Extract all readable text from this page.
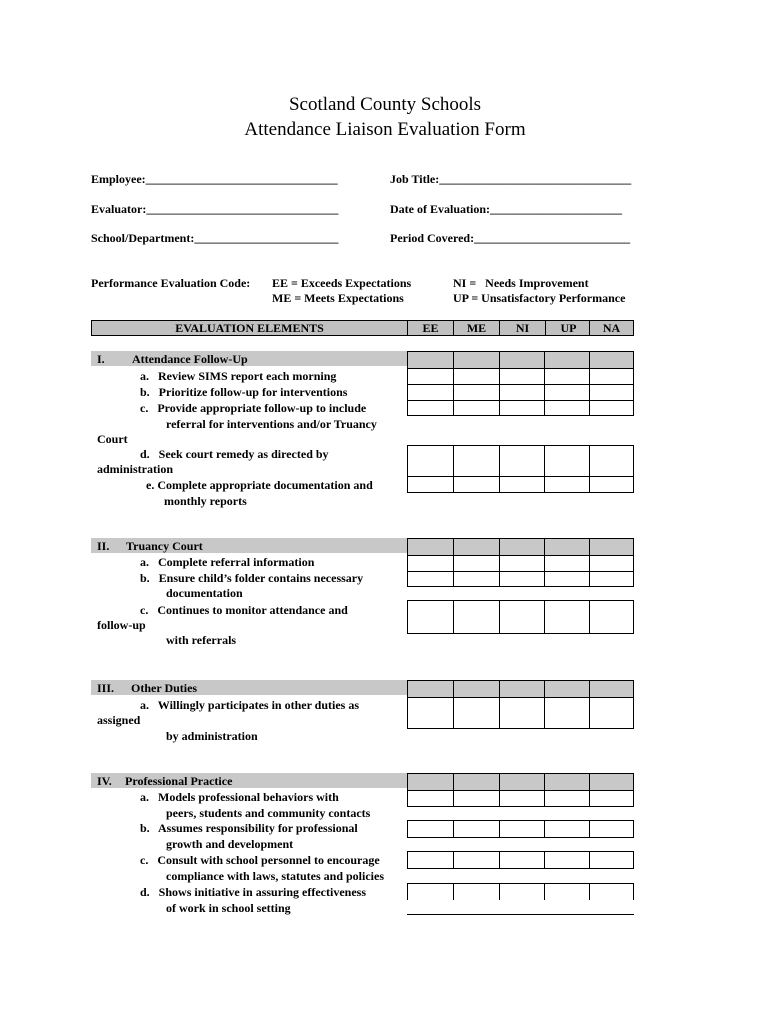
Scotland County Schools
Attendance Liaison Evaluation Form
Employee:________________________________	Job Title:________________________________
Evaluator:________________________________	Date of Evaluation:______________________
School/Department:________________________	Period Covered:__________________________
Performance Evaluation Code: EE = Exceeds Expectations
ME = Meets Expectations
NI =   Needs Improvement
UP = Unsatisfactory Performance
EVALUATION ELEMENTS	EE	ME	NI	UP	NA
I. Attendance Follow-Up
a.   Review SIMS report each morning
b.   Prioritize follow-up for interventions
c.   Provide appropriate follow-up to include
referral for interventions and/or Truancy
Court
d.   Seek court remedy as directed by
administration
e. Complete appropriate documentation and
monthly reports
II. Truancy Court
a.   Complete referral information
b.   Ensure child’s folder contains necessary
documentation
c.   Continues to monitor attendance and
follow-up
with referrals
III. Other Duties
a.   Willingly participates in other duties as
assigned
by administration
IV. Professional Practice
a.   Models professional behaviors with
peers, students and community contacts
b.   Assumes responsibility for professional
growth and development
c.   Consult with school personnel to encourage
compliance with laws, statutes and policies
d.   Shows initiative in assuring effectiveness
of work in school setting
